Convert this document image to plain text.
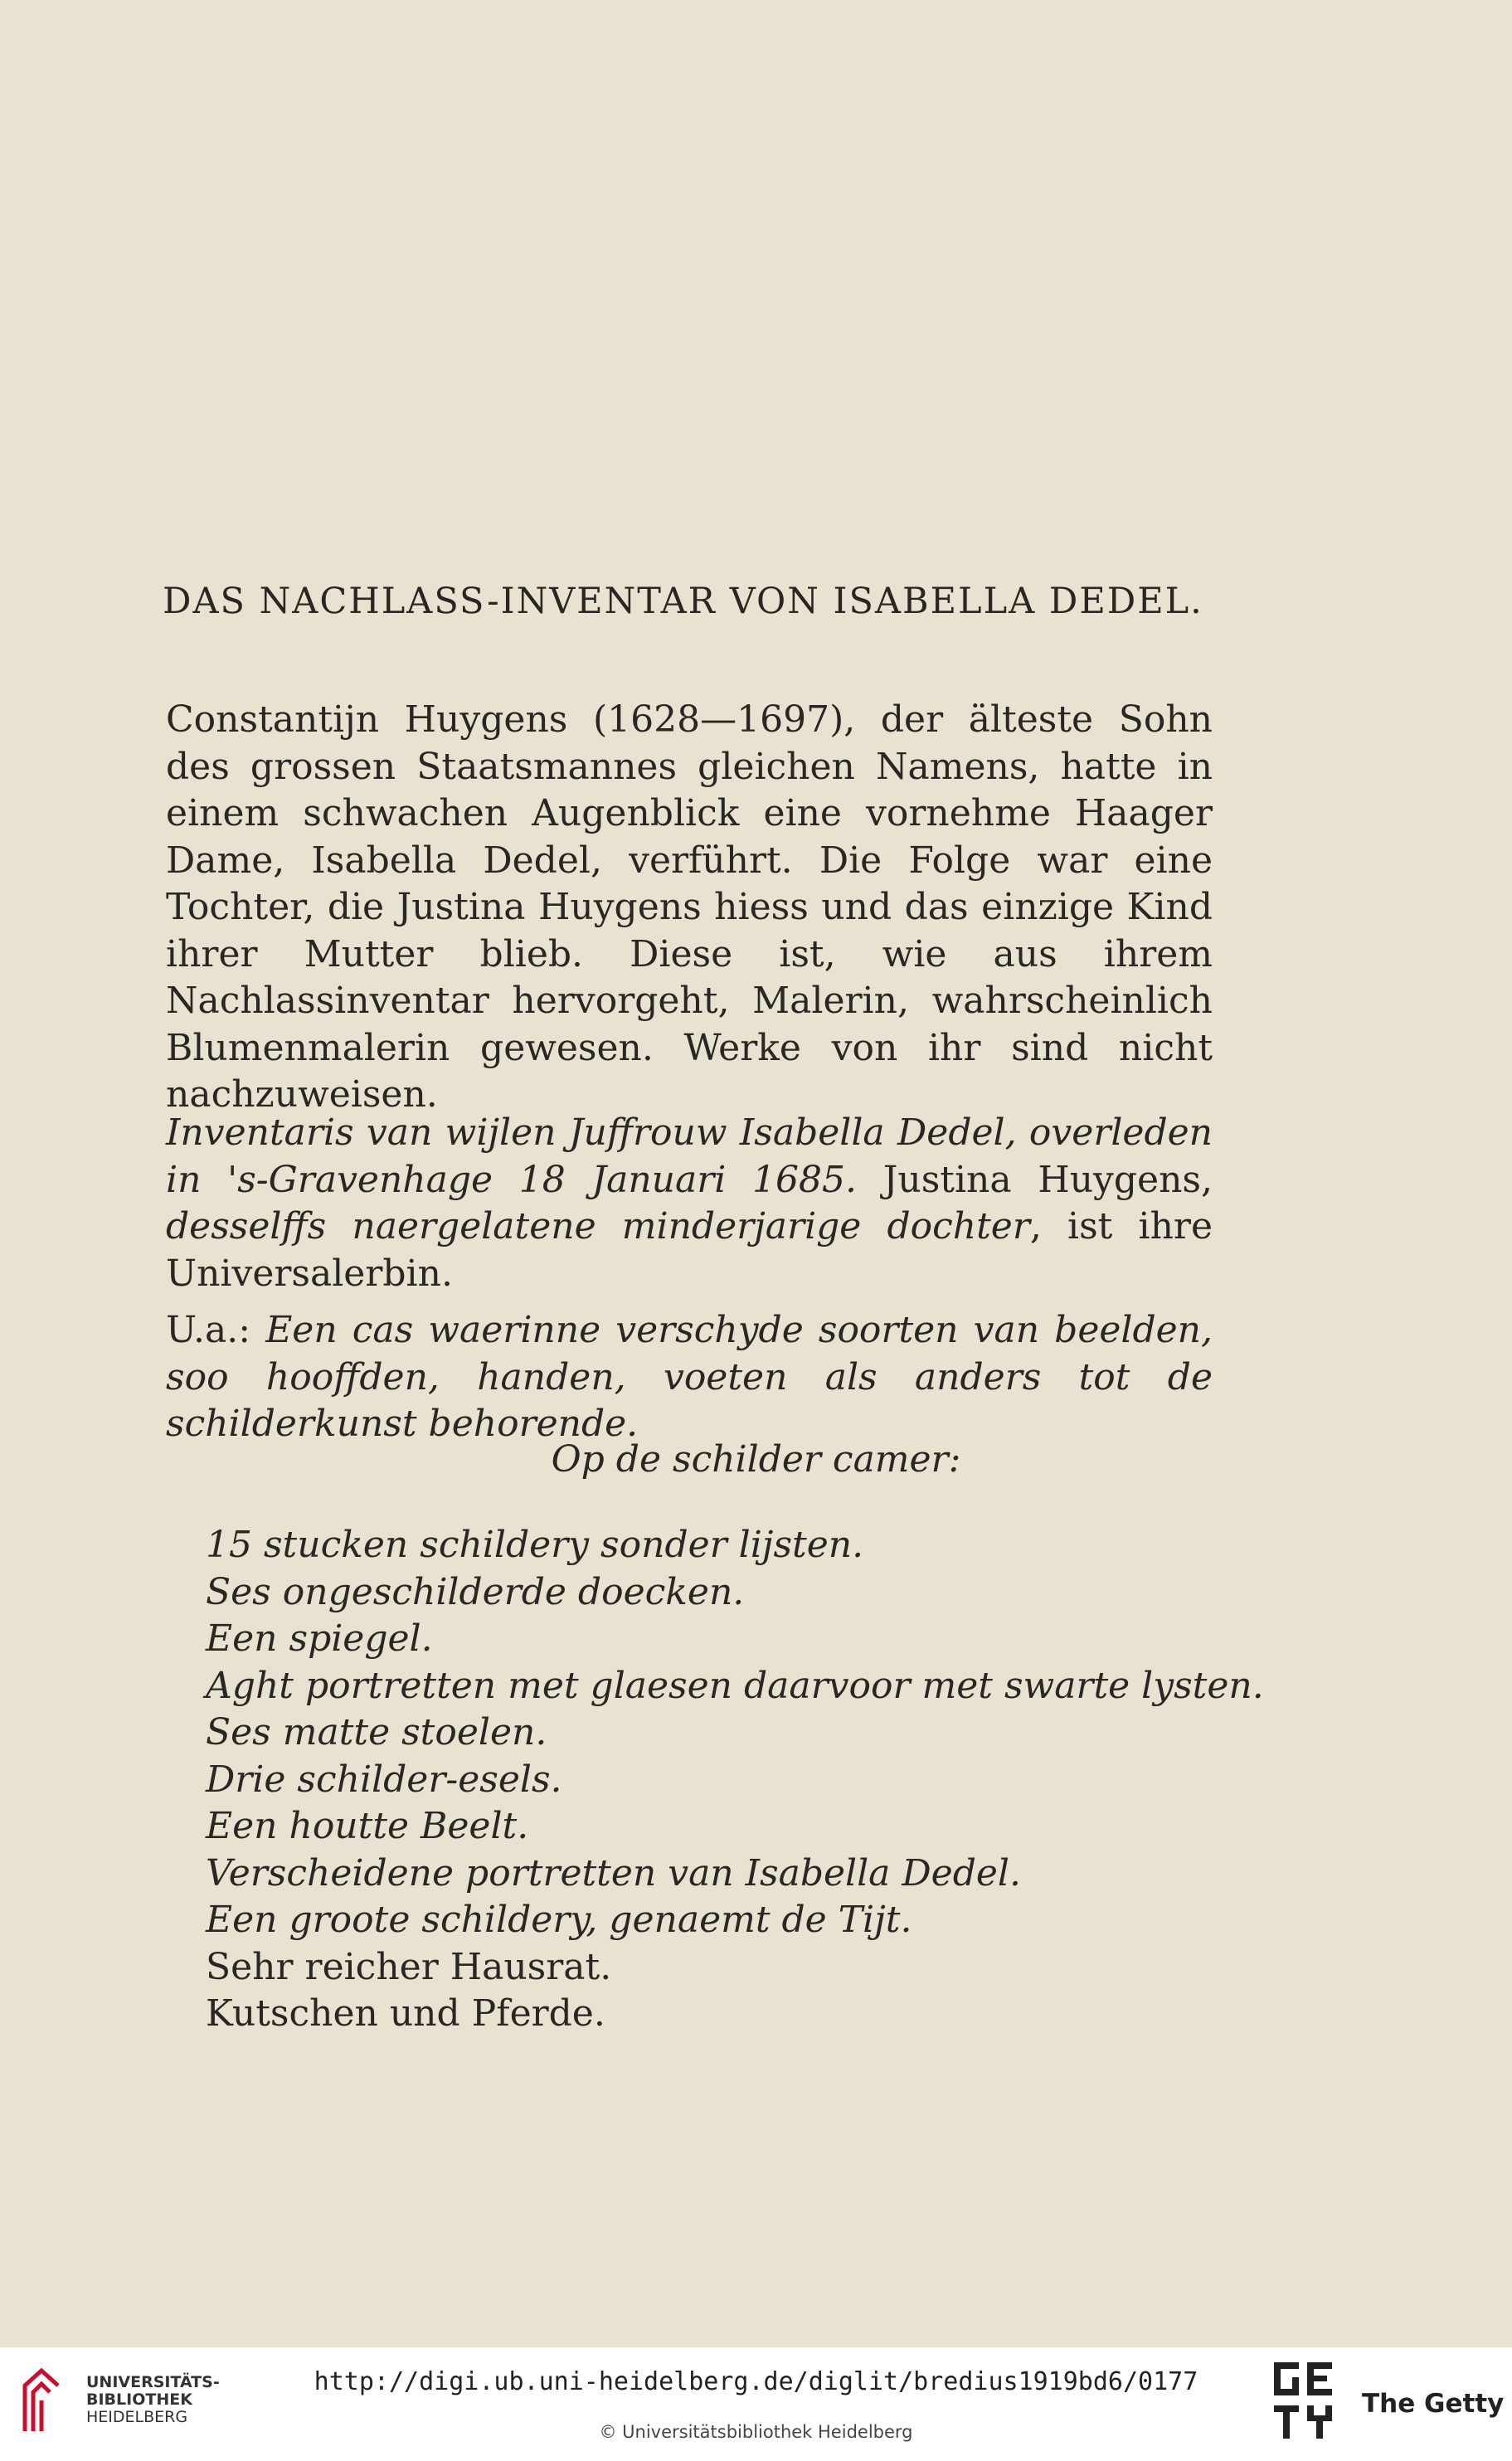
DAS NACHLASS-INVENTAR VON ISABELLA DEDEL.

Constantijn Huygens (1628—1697), der älteste Sohn des grossen Staatsmannes gleichen Namens, hatte in einem schwachen Augenblick eine vornehme Haager Dame, Isabella Dedel, verführt. Die Folge war eine Tochter, die Justina Huygens hiess und das einzige Kind ihrer Mutter blieb. Diese ist, wie aus ihrem Nachlassinventar hervorgeht, Malerin, wahrscheinlich Blumenmalerin gewesen. Werke von ihr sind nicht nachzuweisen.

Inventaris van wijlen Juffrouw Isabella Dedel, overleden in 's-Gravenhage 18 Januari 1685. Justina Huygens, desselffs naergelatene minderjarige dochter, ist ihre Universalerbin.

U.a.: Een cas waerinne verschyde soorten van beelden, soo hooffden, handen, voeten als anders tot de schilderkunst behorende.

Op de schilder camer:
15 stucken schildery sonder lijsten.
Ses ongeschilderde doecken.
Een spiegel.
Aght portretten met glaesen daarvoor met swarte lysten.
Ses matte stoelen.
Drie schilder-esels.
Een houtte Beelt.
Verscheidene portretten van Isabella Dedel.
Een groote schildery, genaemt de Tijt.
Sehr reicher Hausrat.
Kutschen und Pferde.
UNIVERSITÄTS-
BIBLIOTHEK
HEIDELBERG
http://digi.ub.uni-heidelberg.de/diglit/bredius1919bd6/0177
© Universitätsbibliothek Heidelberg
The Getty
